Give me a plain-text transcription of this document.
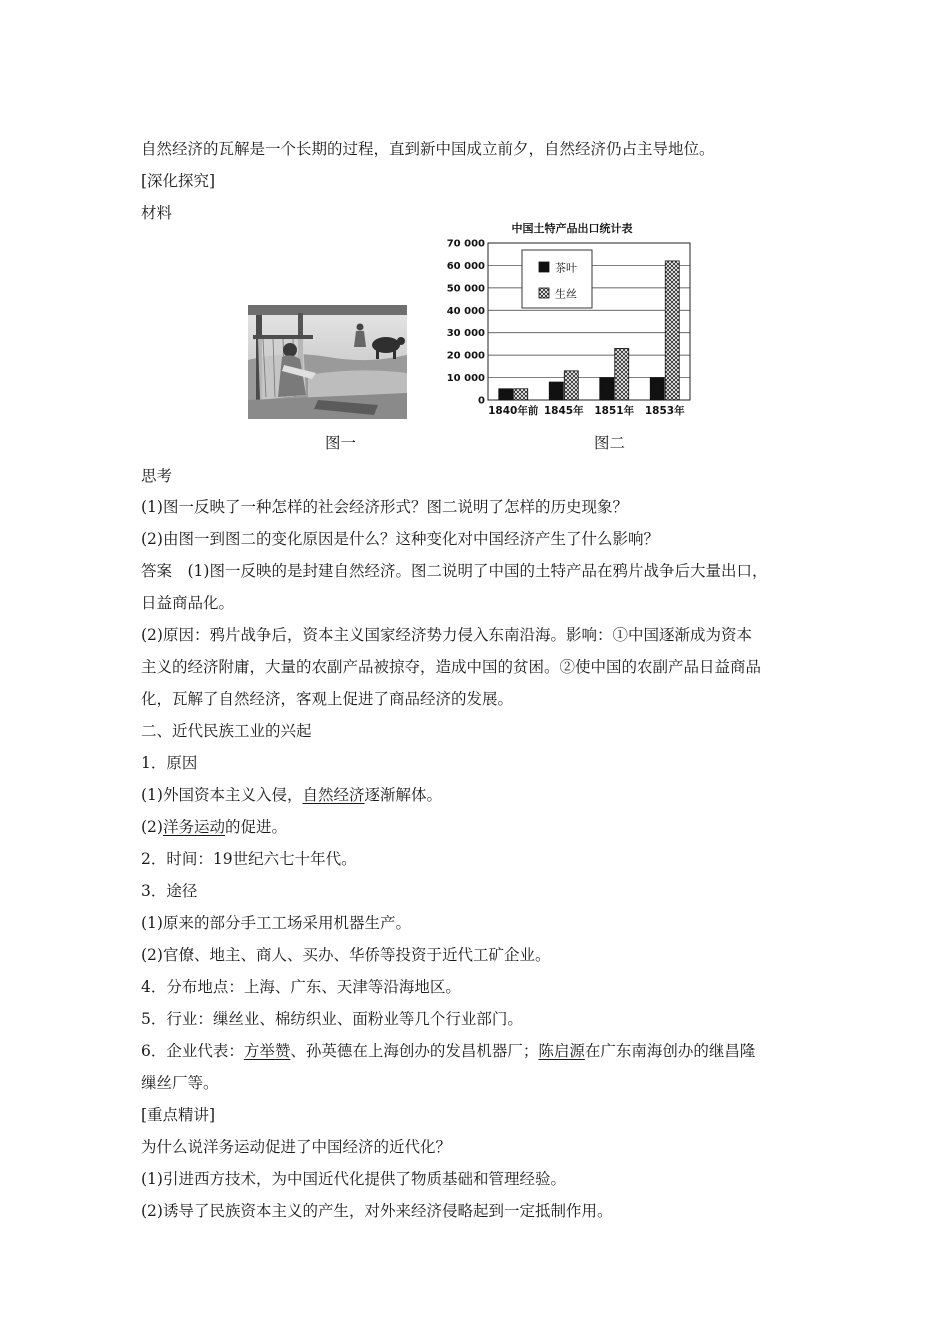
自然经济的瓦解是一个长期的过程，直到新中国成立前夕，自然经济仍占主导地位。
[深化探究]
材料
图一
中国土特产品出口统计表
0
10 000
20 000
30 000
40 000
50 000
60 000
70 000
1840年前 1845年 1851年 1853年
茶叶
生丝
图二
思考
(1)图一反映了一种怎样的社会经济形式？图二说明了怎样的历史现象？
(2)由图一到图二的变化原因是什么？这种变化对中国经济产生了什么影响？
答案　(1)图一反映的是封建自然经济。图二说明了中国的土特产品在鸦片战争后大量出口，
日益商品化。
(2)原因：鸦片战争后，资本主义国家经济势力侵入东南沿海。影响：①中国逐渐成为资本
主义的经济附庸，大量的农副产品被掠夺，造成中国的贫困。②使中国的农副产品日益商品
化，瓦解了自然经济，客观上促进了商品经济的发展。
二、近代民族工业的兴起
1．原因
(1)外国资本主义入侵，自然经济逐渐解体。
(2)洋务运动的促进。
2．时间：19世纪六七十年代。
3．途径
(1)原来的部分手工工场采用机器生产。
(2)官僚、地主、商人、买办、华侨等投资于近代工矿企业。
4．分布地点：上海、广东、天津等沿海地区。
5．行业：缫丝业、棉纺织业、面粉业等几个行业部门。
6．企业代表：方举赞、孙英德在上海创办的发昌机器厂；陈启源在广东南海创办的继昌隆
缫丝厂等。
[重点精讲]
为什么说洋务运动促进了中国经济的近代化？
(1)引进西方技术，为中国近代化提供了物质基础和管理经验。
(2)诱导了民族资本主义的产生，对外来经济侵略起到一定抵制作用。
